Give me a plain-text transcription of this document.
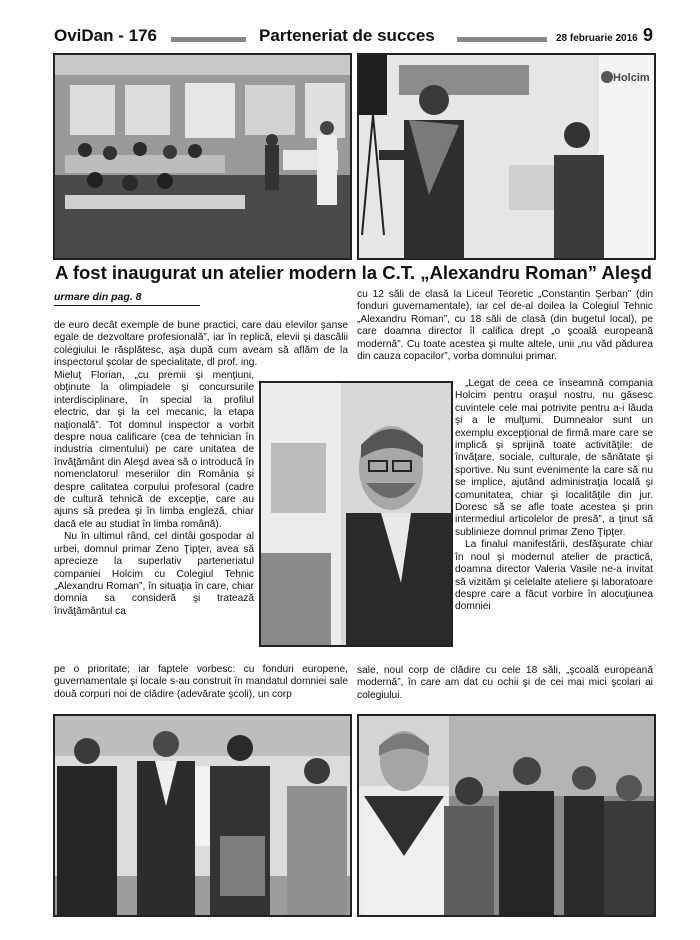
OviDan - 176	Parteneriat de succes	28 februarie 2016 9
Holcim
A fost inaugurat un atelier modern la C.T. „Alexandru Roman” Aleşd
urmare din pag. 8

de euro decât exemple de bune practici, care dau elevilor şanse egale de dezvoltare profesională”, iar în replică, elevii şi dascălii colegiului le răsplătesc, aşa după cum aveam să aflăm de la inspectorul şcolar de specialitate, dl prof. ing.

Mieluţ Florian, „cu premii şi menţiuni, obţinute la olimpiadele şi concursurile interdisciplinare, în special la profilul electric, dar şi la cel mecanic, la etapa naţională”. Tot domnul inspector a vorbit despre noua calificare (cea de tehnician în industria cimentului) pe care unitatea de învăţământ din Aleşd avea să o introducă în nomenclatorul meseriilor din România şi despre calitatea corpului profesoral (cadre de cultură tehnică de excepţie, care au ajuns să predea şi în limba engleză, chiar dacă ele au studiat în limba română).

Nu în ultimul rând, cel dintâi gospodar al urbei, domnul primar Zeno Ţipţer, avea să aprecieze la superlativ parteneriatul companiei Holcim cu Colegiul Tehnic „Alexandru Roman”, în situaţia în care, chiar domnia sa consideră şi tratează învăţământul ca

pe o prioritate; iar faptele vorbesc: cu fonduri europene, guvernamentale şi locale s-au construit în mandatul domniei sale două corpuri noi de clădire (adevărate şcoli), un corp

cu 12 săli de clasă la Liceul Teoretic „Constantin Şerban” (din fonduri guvernamentale), iar cel de-al doilea la Colegiul Tehnic „Alexandru Roman”, cu 18 săli de clasă (din bugetul local), pe care doamna director îl califica drept „o şcoală europeană modernă”. Cu toate acestea şi multe altele, unii „nu văd pădurea din cauza copacilor”, vorba domnului primar.

„Legat de ceea ce înseamnă compania Holcim pentru oraşul nostru, nu găsesc cuvintele cele mai potrivite pentru a-i lăuda şi a le mulţumi. Dumnealor sunt un exemplu excepţional de firmă mare care se implică şi sprijină toate activităţile: de învăţare, sociale, culturale, de sănătate şi sportive. Nu sunt evenimente la care să nu se implice, ajutând administraţia locală şi comunitatea, chiar şi localităţile din jur. Doresc să se afle toate acestea şi prin intermediul articolelor de presă”, a ţinut să sublinieze domnul primar Zeno Ţipţer.

La finalul manifestării, desfăşurate chiar în noul şi modernul atelier de practică, doamna director Valeria Vasile ne-a invitat să vizităm şi celelalte ateliere şi laboratoare despre care a făcut vorbire în alocuţiunea domniei

sale, noul corp de clădire cu cele 18 săli, „şcoală europeană modernă”, în care am dat cu ochii şi de cei mai mici şcolari ai colegiului.
